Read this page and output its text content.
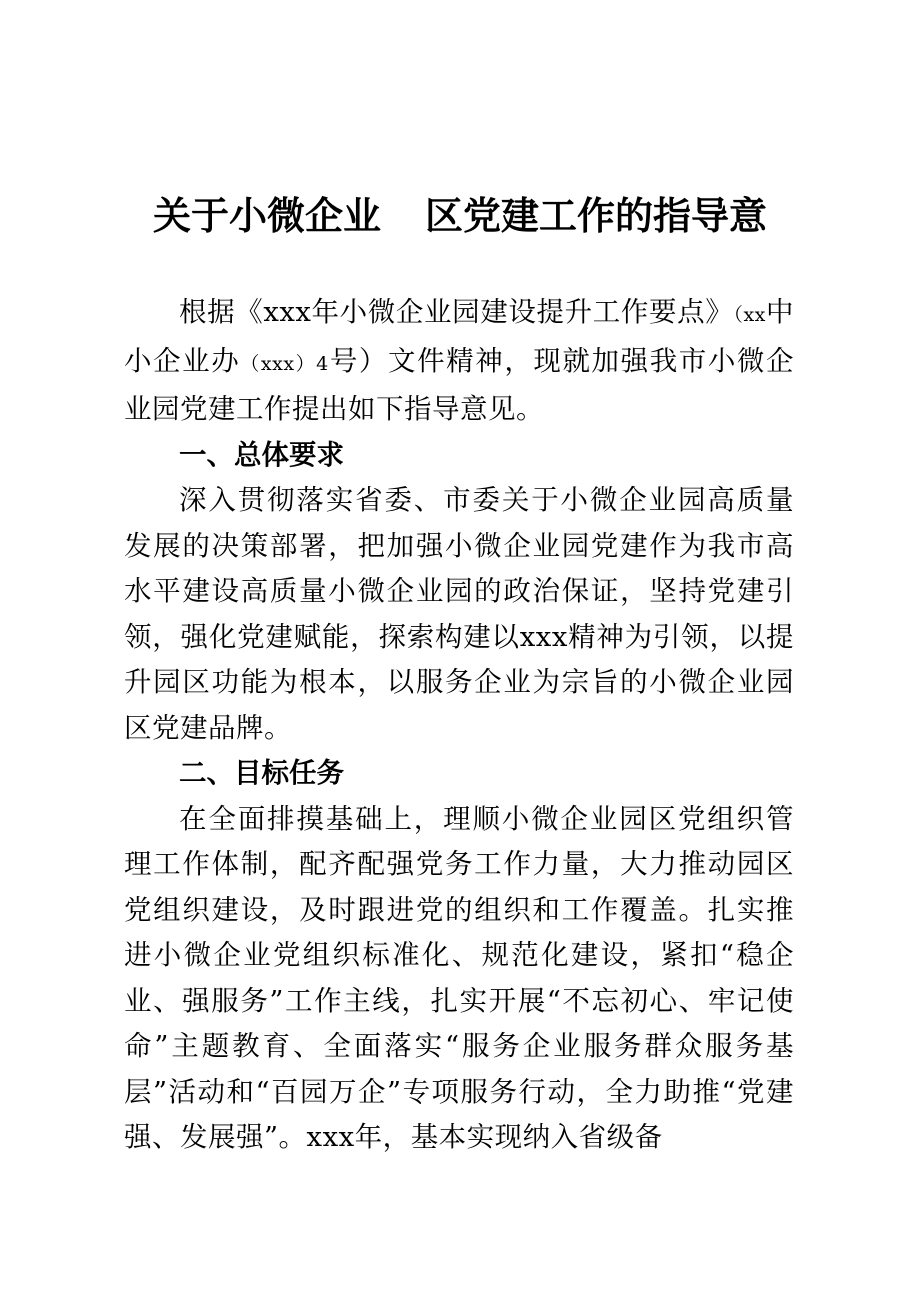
关于小微企业 区党建工作的指导意

根据《xxx年小微企业园建设提升工作要点》（xx中小企业办（xxx）4号）文件精神，现就加强我市小微企业园党建工作提出如下指导意见。

一、总体要求

深入贯彻落实省委、市委关于小微企业园高质量发展的决策部署，把加强小微企业园党建作为我市高水平建设高质量小微企业园的政治保证，坚持党建引领，强化党建赋能，探索构建以xxx精神为引领，以提升园区功能为根本，以服务企业为宗旨的小微企业园区党建品牌。

二、目标任务

在全面排摸基础上，理顺小微企业园区党组织管理工作体制，配齐配强党务工作力量，大力推动园区党组织建设，及时跟进党的组织和工作覆盖。扎实推进小微企业党组织标准化、规范化建设，紧扣“稳企业、强服务”工作主线，扎实开展“不忘初心、牢记使命”主题教育、全面落实“服务企业服务群众服务基层”活动和“百园万企”专项服务行动，全力助推“党建强、发展强”。xxx年，基本实现纳入省级备
